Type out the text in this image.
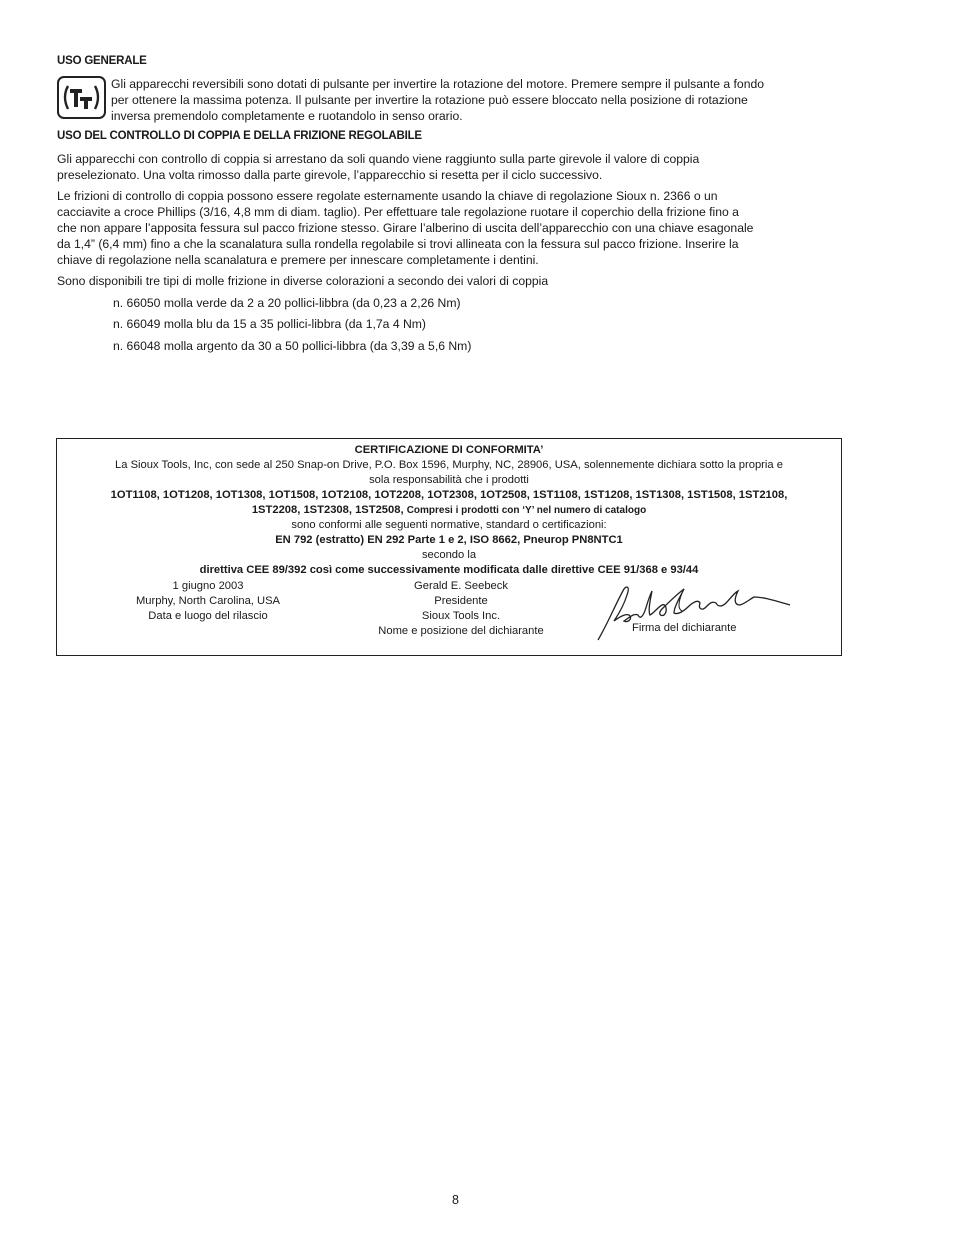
USO GENERALE
Gli apparecchi reversibili sono dotati di pulsante per invertire la rotazione del motore. Premere sempre il pulsante a fondo
per ottenere la massima potenza. Il pulsante per invertire la rotazione può essere bloccato nella posizione di rotazione
inversa premendolo completamente e ruotandolo in senso orario.
USO DEL CONTROLLO DI COPPIA E DELLA FRIZIONE REGOLABILE
Gli apparecchi con controllo di coppia si arrestano da soli quando viene raggiunto sulla parte girevole il valore di coppia
preselezionato. Una volta rimosso dalla parte girevole, l’apparecchio si resetta per il ciclo successivo.
Le frizioni di controllo di coppia possono essere regolate esternamente usando la chiave di regolazione Sioux n. 2366 o un
cacciavite a croce Phillips (3/16, 4,8 mm di diam. taglio). Per effettuare tale regolazione ruotare il coperchio della frizione fino a
che non appare l’apposita fessura sul pacco frizione stesso. Girare l’alberino di uscita dell’apparecchio con una chiave esagonale
da 1,4” (6,4 mm) fino a che la scanalatura sulla rondella regolabile si trovi allineata con la fessura sul pacco frizione. Inserire la
chiave di regolazione nella scanalatura e premere per innescare completamente i dentini.
Sono disponibili tre tipi di molle frizione in diverse colorazioni a secondo dei valori di coppia
n. 66050 molla verde da 2 a 20 pollici-libbra (da 0,23 a 2,26 Nm)
n. 66049 molla blu da 15 a 35 pollici-libbra (da 1,7a 4 Nm)
n. 66048 molla argento da 30 a 50 pollici-libbra (da 3,39 a 5,6 Nm)
CERTIFICAZIONE DI CONFORMITA’
La Sioux Tools, Inc, con sede al 250 Snap-on Drive, P.O. Box 1596, Murphy, NC, 28906, USA, solennemente dichiara sotto la propria e
sola responsabilità che i prodotti
1OT1108, 1OT1208, 1OT1308, 1OT1508, 1OT2108, 1OT2208, 1OT2308, 1OT2508, 1ST1108, 1ST1208, 1ST1308, 1ST1508, 1ST2108,
1ST2208, 1ST2308, 1ST2508, Compresi i prodotti con ‘Y’ nel numero di catalogo
sono conformi alle seguenti normative, standard o certificazioni:
EN 792 (estratto) EN 292 Parte 1 e 2, ISO 8662, Pneurop PN8NTC1
secondo la
direttiva CEE 89/392 così come successivamente modificata dalle direttive CEE 91/368 e 93/44
1 giugno 2003
Murphy, North Carolina, USA
Data e luogo del rilascio
Gerald E. Seebeck
Presidente
Sioux Tools Inc.
Nome e posizione del dichiarante	Firma del dichiarante
8
